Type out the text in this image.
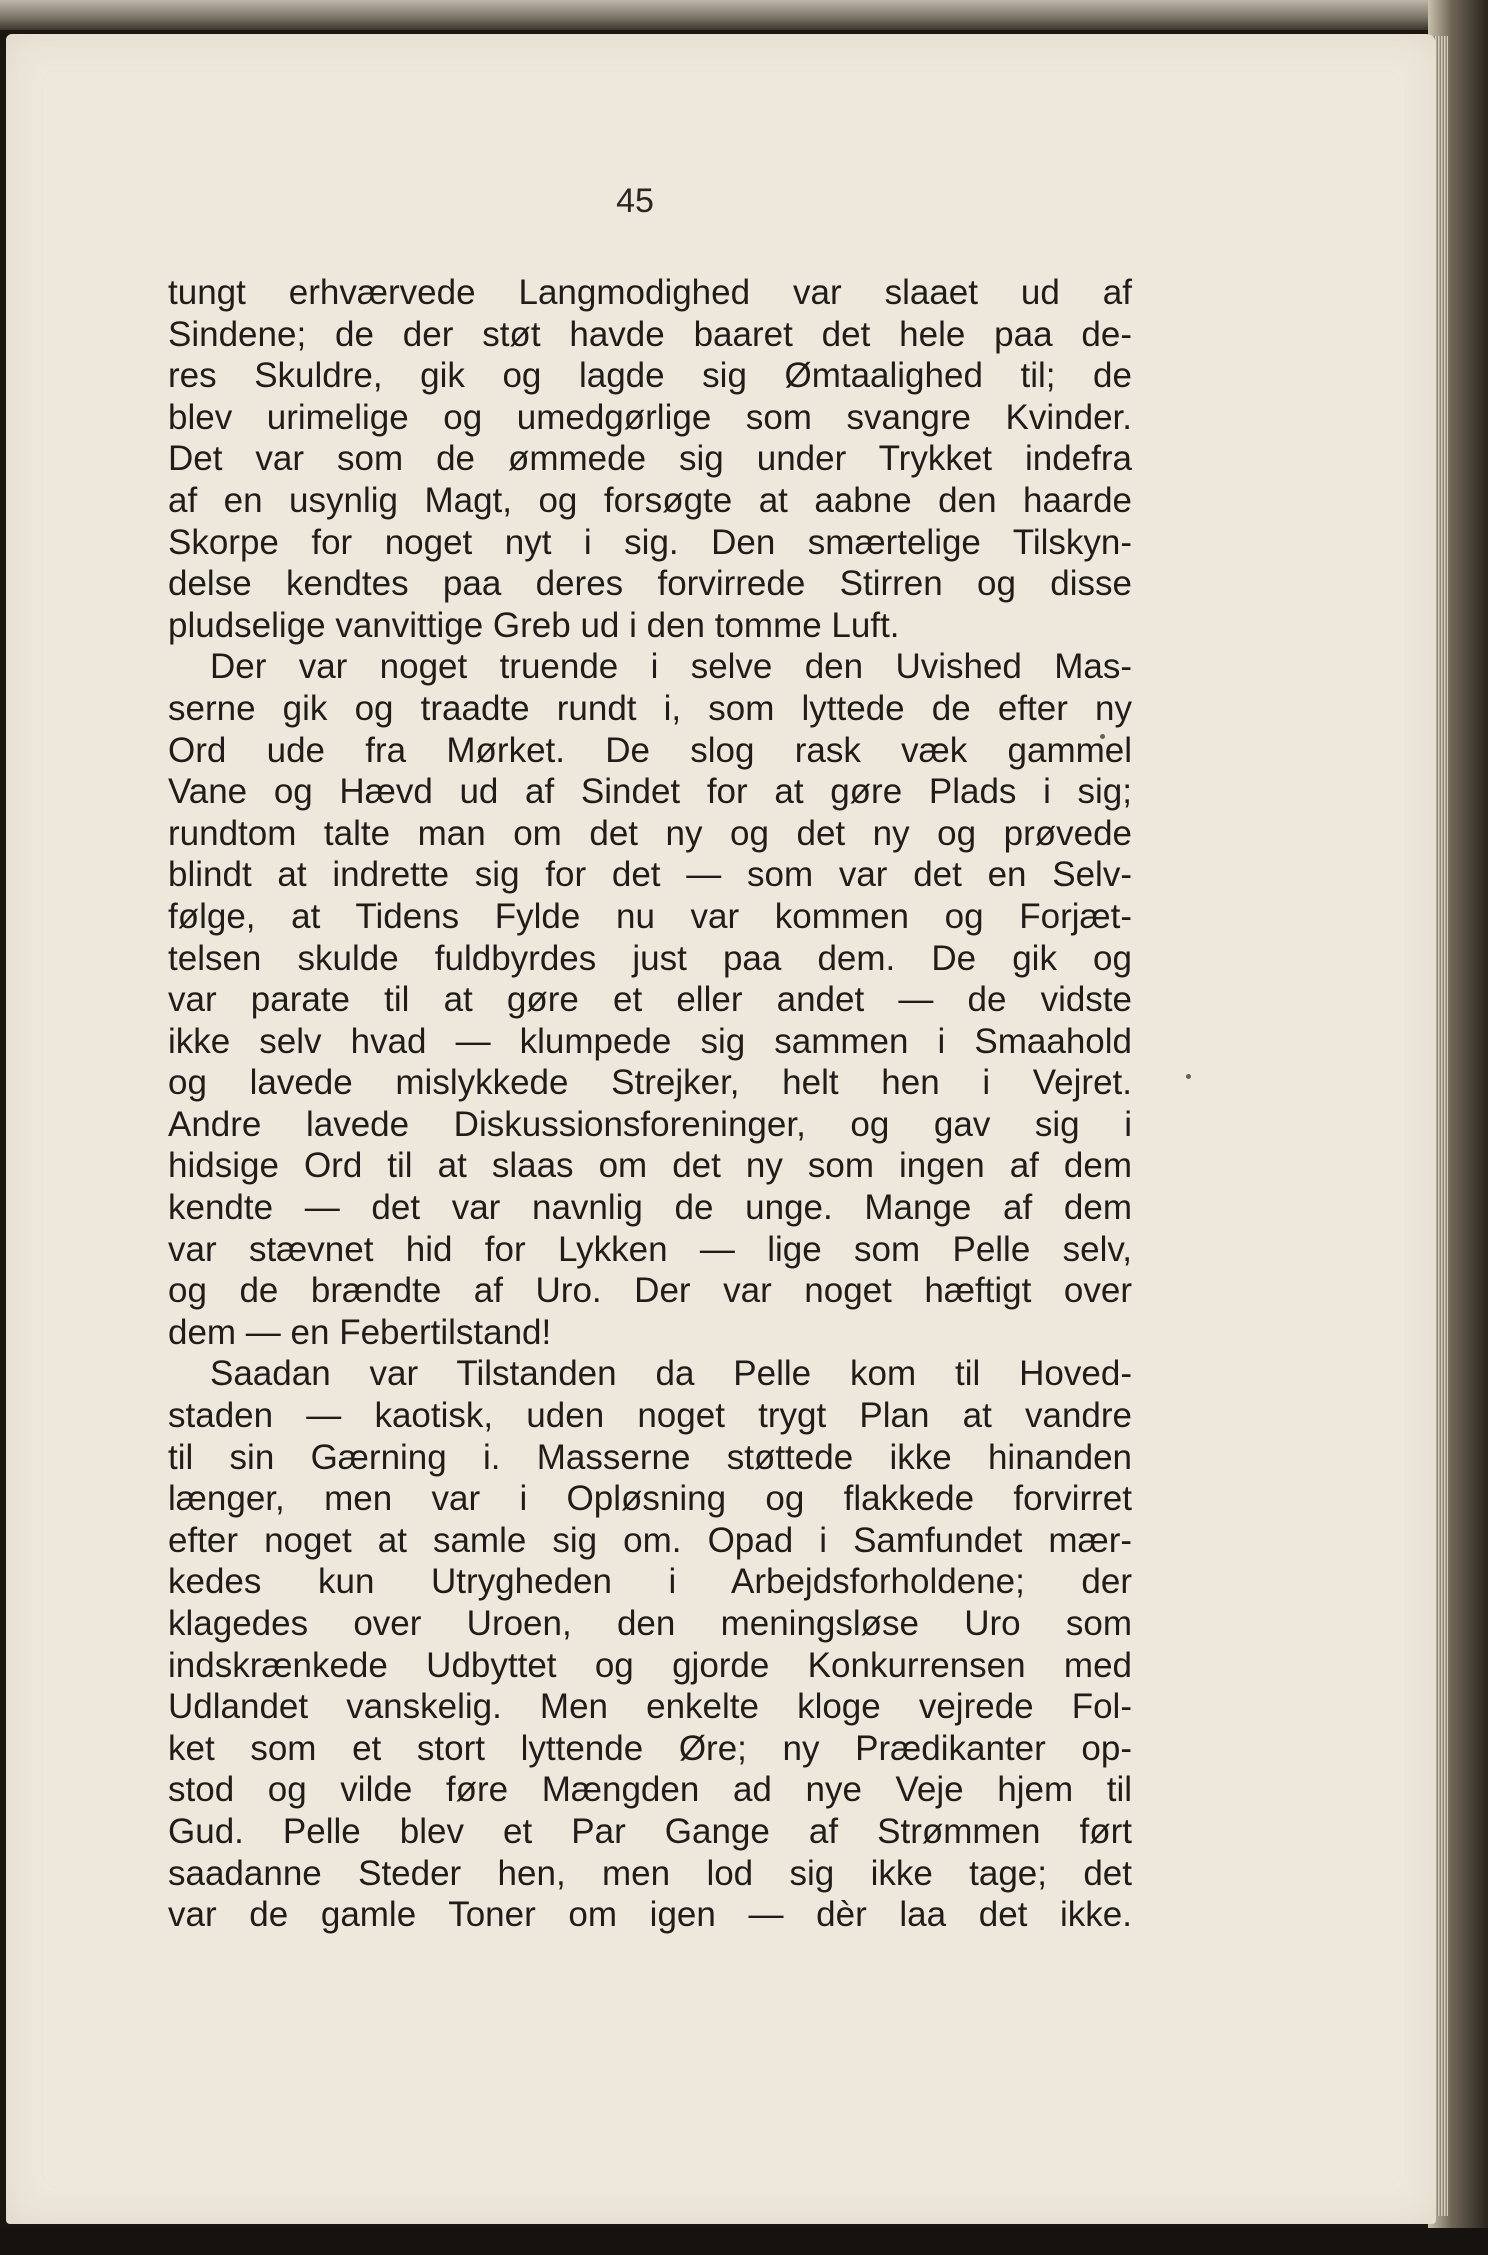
45
tungt erhværvede Langmodighed var slaaet ud af
Sindene; de der støt havde baaret det hele paa de-
res Skuldre, gik og lagde sig Ømtaalighed til; de
blev urimelige og umedgørlige som svangre Kvinder.
Det var som de ømmede sig under Trykket indefra
af en usynlig Magt, og forsøgte at aabne den haarde
Skorpe for noget nyt i sig. Den smærtelige Tilskyn-
delse kendtes paa deres forvirrede Stirren og disse
pludselige vanvittige Greb ud i den tomme Luft.
Der var noget truende i selve den Uvished Mas-
serne gik og traadte rundt i, som lyttede de efter ny
Ord ude fra Mørket. De slog rask væk gammel
Vane og Hævd ud af Sindet for at gøre Plads i sig;
rundtom talte man om det ny og det ny og prøvede
blindt at indrette sig for det — som var det en Selv-
følge, at Tidens Fylde nu var kommen og Forjæt-
telsen skulde fuldbyrdes just paa dem. De gik og
var parate til at gøre et eller andet — de vidste
ikke selv hvad — klumpede sig sammen i Smaahold
og lavede mislykkede Strejker, helt hen i Vejret.
Andre lavede Diskussionsforeninger, og gav sig i
hidsige Ord til at slaas om det ny som ingen af dem
kendte — det var navnlig de unge. Mange af dem
var stævnet hid for Lykken — lige som Pelle selv,
og de brændte af Uro. Der var noget hæftigt over
dem — en Febertilstand!
Saadan var Tilstanden da Pelle kom til Hoved-
staden — kaotisk, uden noget trygt Plan at vandre
til sin Gærning i. Masserne støttede ikke hinanden
længer, men var i Opløsning og flakkede forvirret
efter noget at samle sig om. Opad i Samfundet mær-
kedes kun Utrygheden i Arbejdsforholdene; der
klagedes over Uroen, den meningsløse Uro som
indskrænkede Udbyttet og gjorde Konkurrensen med
Udlandet vanskelig. Men enkelte kloge vejrede Fol-
ket som et stort lyttende Øre; ny Prædikanter op-
stod og vilde føre Mængden ad nye Veje hjem til
Gud. Pelle blev et Par Gange af Strømmen ført
saadanne Steder hen, men lod sig ikke tage; det
var de gamle Toner om igen — dèr laa det ikke.
